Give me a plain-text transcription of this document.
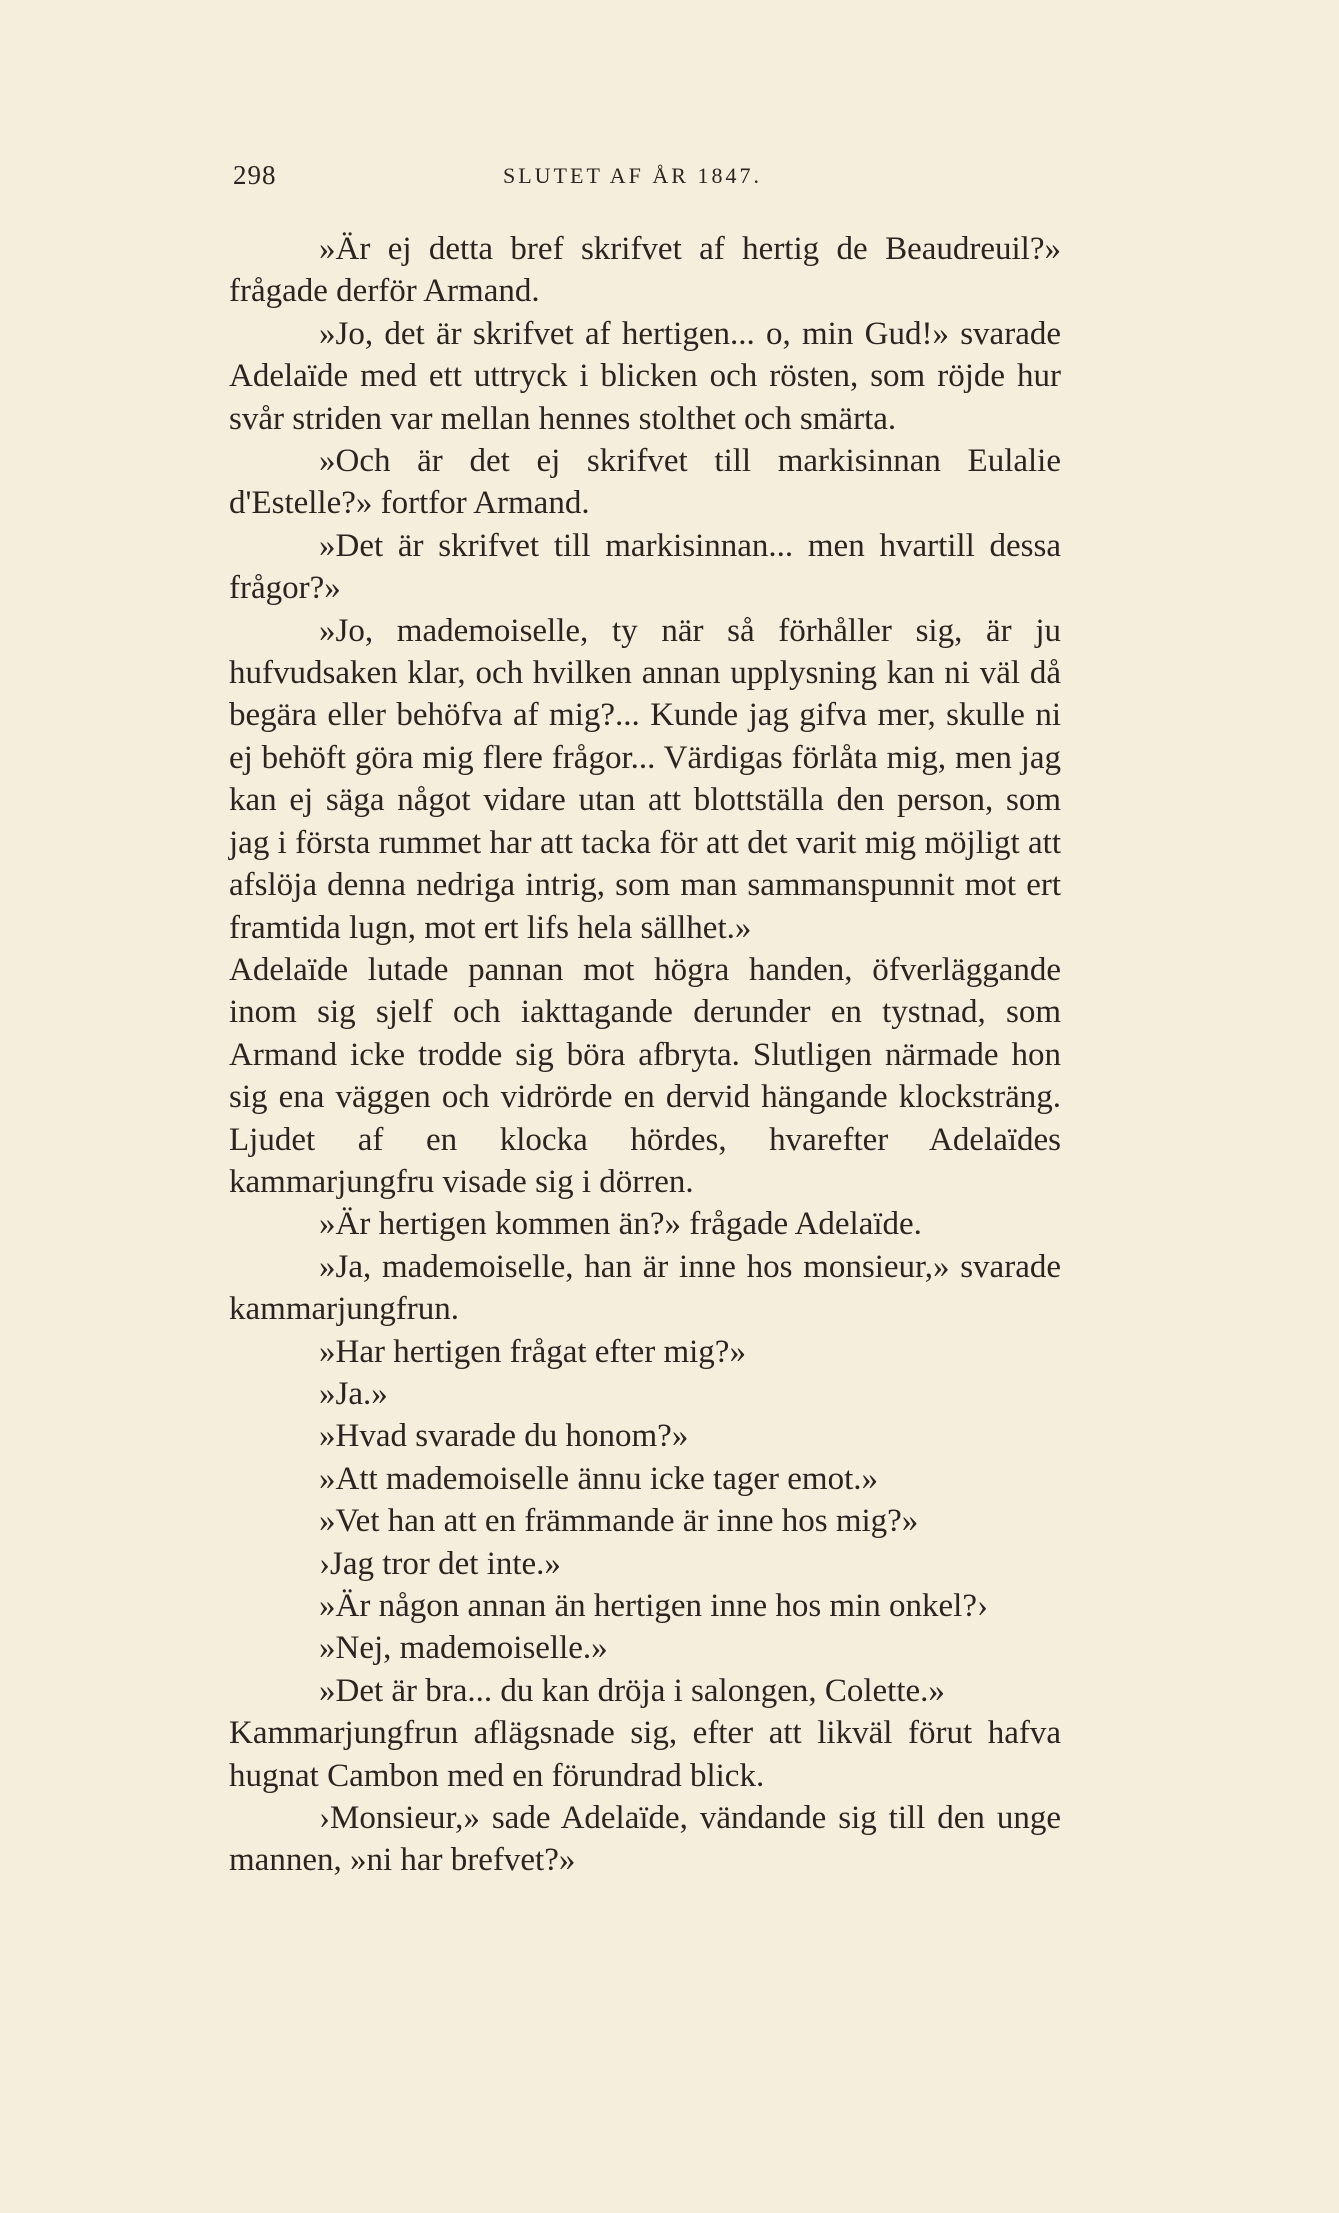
298	SLUTET AF ÅR 1847.

»Är ej detta bref skrifvet af hertig de Beaudreuil?» frågade derför Armand.

»Jo, det är skrifvet af hertigen... o, min Gud!» svarade Adelaïde med ett uttryck i blicken och rösten, som röjde hur svår striden var mellan hennes stolthet och smärta.

»Och är det ej skrifvet till markisinnan Eulalie d'Estelle?» fortfor Armand.

»Det är skrifvet till markisinnan... men hvartill dessa frågor?»

»Jo, mademoiselle, ty när så förhåller sig, är ju hufvudsaken klar, och hvilken annan upplysning kan ni väl då begära eller behöfva af mig?... Kunde jag gifva mer, skulle ni ej behöft göra mig flere frågor... Värdigas förlåta mig, men jag kan ej säga något vidare utan att blottställa den person, som jag i första rummet har att tacka för att det varit mig möjligt att afslöja denna nedriga intrig, som man sammanspunnit mot ert framtida lugn, mot ert lifs hela sällhet.»

Adelaïde lutade pannan mot högra handen, öfverläggande inom sig sjelf och iakttagande derunder en tystnad, som Armand icke trodde sig böra afbryta. Slutligen närmade hon sig ena väggen och vidrörde en dervid hängande klocksträng. Ljudet af en klocka hördes, hvarefter Adelaïdes kammarjungfru visade sig i dörren.

»Är hertigen kommen än?» frågade Adelaïde.

»Ja, mademoiselle, han är inne hos monsieur,» svarade kammarjungfrun.

»Har hertigen frågat efter mig?»

»Ja.»

»Hvad svarade du honom?»

»Att mademoiselle ännu icke tager emot.»

»Vet han att en främmande är inne hos mig?»

›Jag tror det inte.»

»Är någon annan än hertigen inne hos min onkel?›

»Nej, mademoiselle.»

»Det är bra... du kan dröja i salongen, Colette.»

Kammarjungfrun aflägsnade sig, efter att likväl förut hafva hugnat Cambon med en förundrad blick.

›Monsieur,» sade Adelaïde, vändande sig till den unge mannen, »ni har brefvet?»
